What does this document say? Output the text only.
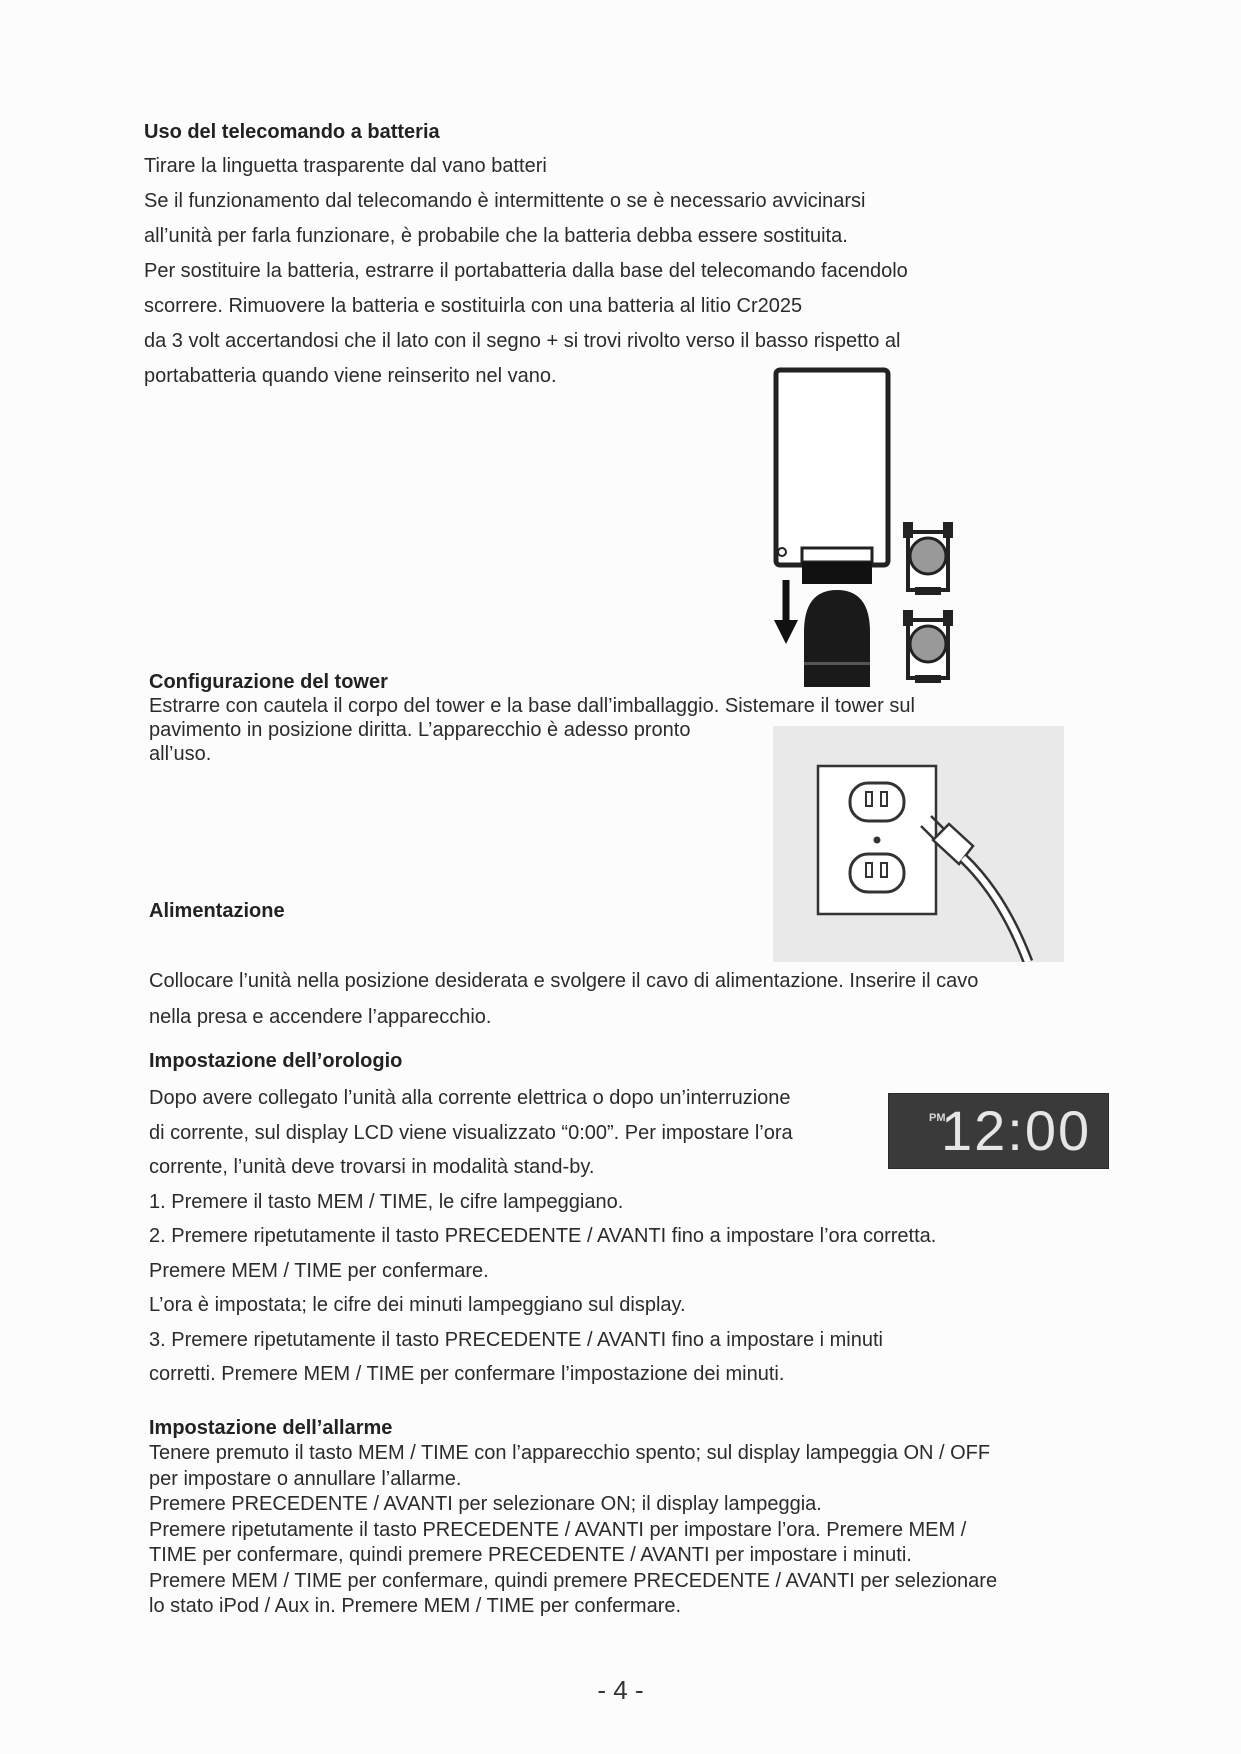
Uso del telecomando a batteria
Tirare la linguetta trasparente dal vano batteri
Se il funzionamento dal telecomando è intermittente o se è necessario avvicinarsi
all’unità per farla funzionare, è probabile che la batteria debba essere sostituita.
Per sostituire la batteria, estrarre il portabatteria dalla base del telecomando facendolo
scorrere. Rimuovere la batteria e sostituirla con una batteria al litio Cr2025
da 3 volt accertandosi che il lato con il segno + si trovi rivolto verso il basso rispetto al
portabatteria quando viene reinserito nel vano.
Configurazione del tower
Estrarre con cautela il corpo del tower e la base dall’imballaggio. Sistemare il tower sul
pavimento in posizione diritta. L’apparecchio è adesso pronto
all’uso.
Alimentazione
Collocare l’unità nella posizione desiderata e svolgere il cavo di alimentazione. Inserire il cavo
nella presa e accendere l’apparecchio.
Impostazione dell’orologio
Dopo avere collegato l’unità alla corrente elettrica o dopo un’interruzione
di corrente, sul display LCD viene visualizzato “0:00”. Per impostare l’ora
corrente, l’unità deve trovarsi in modalità stand-by.
1. Premere il tasto MEM / TIME, le cifre lampeggiano.
2. Premere ripetutamente il tasto PRECEDENTE / AVANTI fino a impostare l’ora corretta.
Premere MEM / TIME per confermare.
L’ora è impostata; le cifre dei minuti lampeggiano sul display.
3. Premere ripetutamente il tasto PRECEDENTE / AVANTI fino a impostare i minuti
corretti. Premere MEM / TIME per confermare l’impostazione dei minuti.
PM
12:00
Impostazione dell’allarme
Tenere premuto il tasto MEM / TIME con l’apparecchio spento; sul display lampeggia ON / OFF
per impostare o annullare l’allarme.
Premere PRECEDENTE / AVANTI per selezionare ON; il display lampeggia.
Premere ripetutamente il tasto PRECEDENTE / AVANTI per impostare l’ora. Premere MEM /
TIME per confermare, quindi premere PRECEDENTE / AVANTI per impostare i minuti.
Premere MEM / TIME per confermare, quindi premere PRECEDENTE / AVANTI per selezionare
lo stato iPod / Aux in. Premere MEM / TIME per confermare.
- 4 -
